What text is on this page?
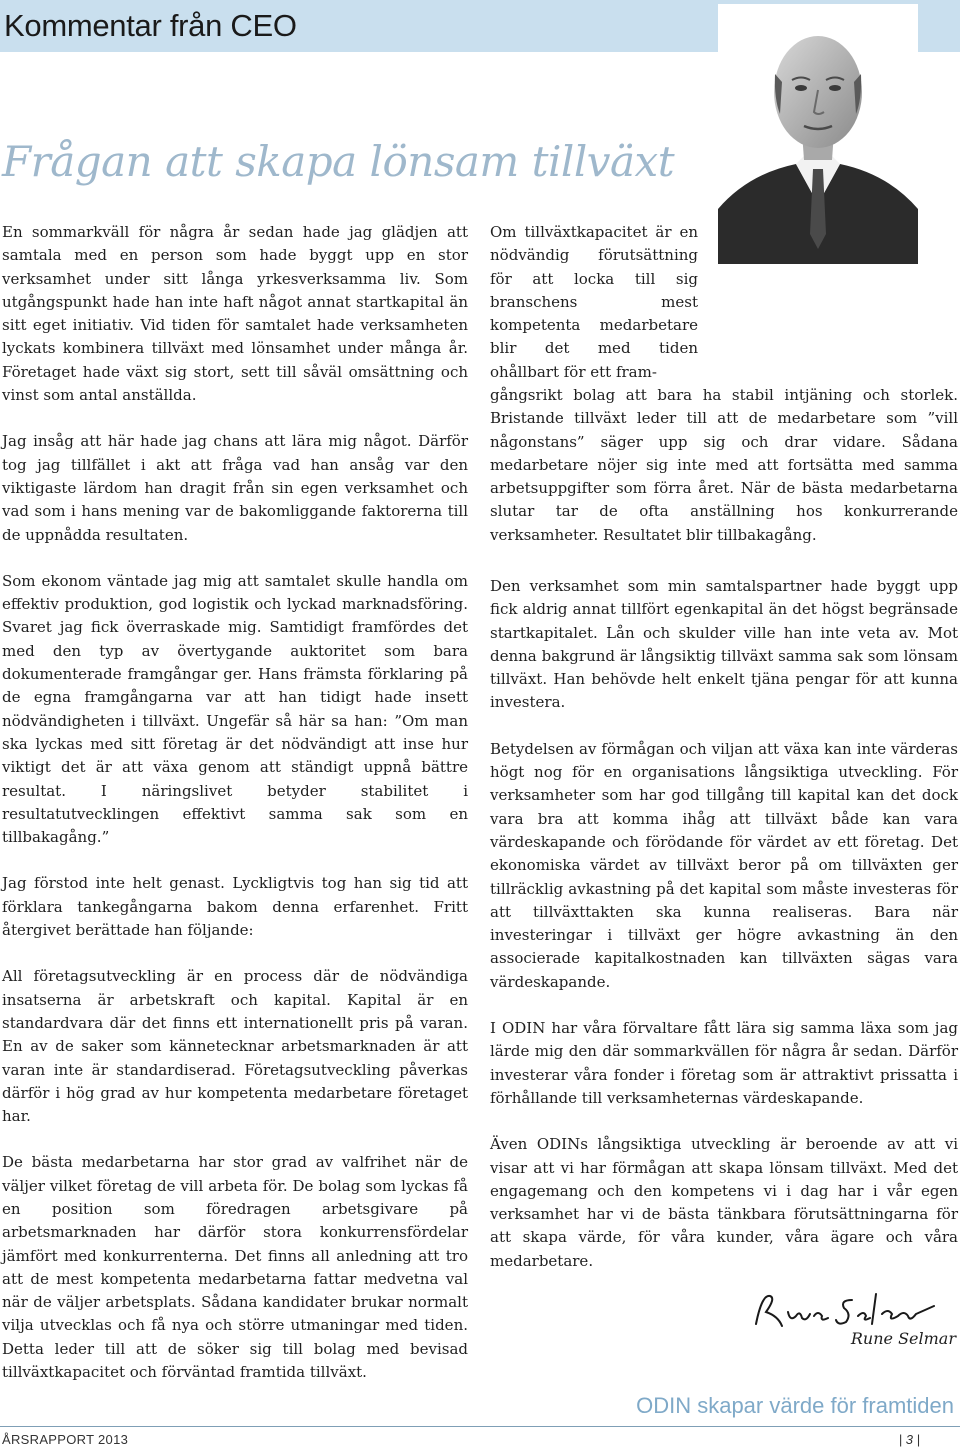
Kommentar från CEO
Frågan att skapa lönsam tillväxt

En sommarkväll för några år sedan hade jag glädjen att samtala med en person som hade byggt upp en stor verksamhet under sitt långa yrkesverksamma liv. Som utgångspunkt hade han inte haft något annat startkapital än sitt eget initiativ. Vid tiden för samtalet hade verksamheten lyckats kombinera tillväxt med lönsamhet under många år. Företaget hade växt sig stort, sett till såväl omsättning och vinst som antal anställda.

Jag insåg att här hade jag chans att lära mig något. Därför tog jag tillfället i akt att fråga vad han ansåg var den viktigaste lärdom han dragit från sin egen verksamhet och vad som i hans mening var de bakomliggande faktorerna till de uppnådda resultaten.

Som ekonom väntade jag mig att samtalet skulle handla om effektiv produktion, god logistik och lyckad marknadsföring. Svaret jag fick överraskade mig. Samtidigt framfördes det med den typ av övertygande auktoritet som bara dokumenterade framgångar ger. Hans främsta förklaring på de egna framgångarna var att han tidigt hade insett nödvändigheten i tillväxt. Ungefär så här sa han: ”Om man ska lyckas med sitt företag är det nödvändigt att inse hur viktigt det är att växa genom att ständigt uppnå bättre resultat. I näringslivet betyder stabilitet i resultatutvecklingen effektivt samma sak som en tillbakagång.”

Jag förstod inte helt genast. Lyckligtvis tog han sig tid att förklara tankegångarna bakom denna erfarenhet. Fritt återgivet berättade han följande:

All företagsutveckling är en process där de nödvändiga insatserna är arbetskraft och kapital. Kapital är en standardvara där det finns ett internationellt pris på varan. En av de saker som kännetecknar arbetsmarknaden är att varan inte är standardiserad. Företagsutveckling påverkas därför i hög grad av hur kompetenta medarbetare företaget har.

De bästa medarbetarna har stor grad av valfrihet när de väljer vilket företag de vill arbeta för. De bolag som lyckas få en position som föredragen arbetsgivare på arbetsmarknaden har därför stora konkurrensfördelar jämfört med konkurrenterna. Det finns all anledning att tro att de mest kompetenta medarbetarna fattar medvetna val när de väljer arbetsplats. Sådana kandidater brukar normalt vilja utvecklas och få nya och större utmaningar med tiden. Detta leder till att de söker sig till bolag med bevisad tillväxtkapacitet och förväntad framtida tillväxt.

Om tillväxtkapacitet är en nödvändig förutsättning för att locka till sig branschens mest kompetenta medarbetare blir det med tiden ohållbart för ett fram-
gångsrikt bolag att bara ha stabil intjäning och storlek. Bristande tillväxt leder till att de medarbetare som ”vill någonstans” säger upp sig och drar vidare. Sådana medarbetare nöjer sig inte med att fortsätta med samma arbetsuppgifter som förra året. När de bästa medarbetarna slutar tar de ofta anställning hos konkurrerande verksamheter. Resultatet blir tillbakagång.

Den verksamhet som min samtalspartner hade byggt upp fick aldrig annat tillfört egenkapital än det högst begränsade startkapitalet. Lån och skulder ville han inte veta av. Mot denna bakgrund är långsiktig tillväxt samma sak som lönsam tillväxt. Han behövde helt enkelt tjäna pengar för att kunna investera.

Betydelsen av förmågan och viljan att växa kan inte värderas högt nog för en organisations långsiktiga utveckling. För verksamheter som har god tillgång till kapital kan det dock vara bra att komma ihåg att tillväxt både kan vara värdeskapande och förödande för värdet av ett företag. Det ekonomiska värdet av tillväxt beror på om tillväxten ger tillräcklig avkastning på det kapital som måste investeras för att tillväxttakten ska kunna realiseras. Bara när investeringar i tillväxt ger högre avkastning än den associerade kapitalkostnaden kan tillväxten sägas vara värdeskapande.

I ODIN har våra förvaltare fått lära sig samma läxa som jag lärde mig den där sommarkvällen för några år sedan. Därför investerar våra fonder i företag som är attraktivt prissatta i förhållande till verksamheternas värdeskapande.

Även ODINs långsiktiga utveckling är beroende av att vi visar att vi har förmågan att skapa lönsam tillväxt. Med det engagemang och den kompetens vi i dag har i vår egen verksamhet har vi de bästa tänkbara förutsättningarna för att skapa värde, för våra kunder, våra ägare och våra medarbetare.

Rune Selmar
ODIN skapar värde för framtiden
ÅRSRAPPORT 2013	| 3 |
